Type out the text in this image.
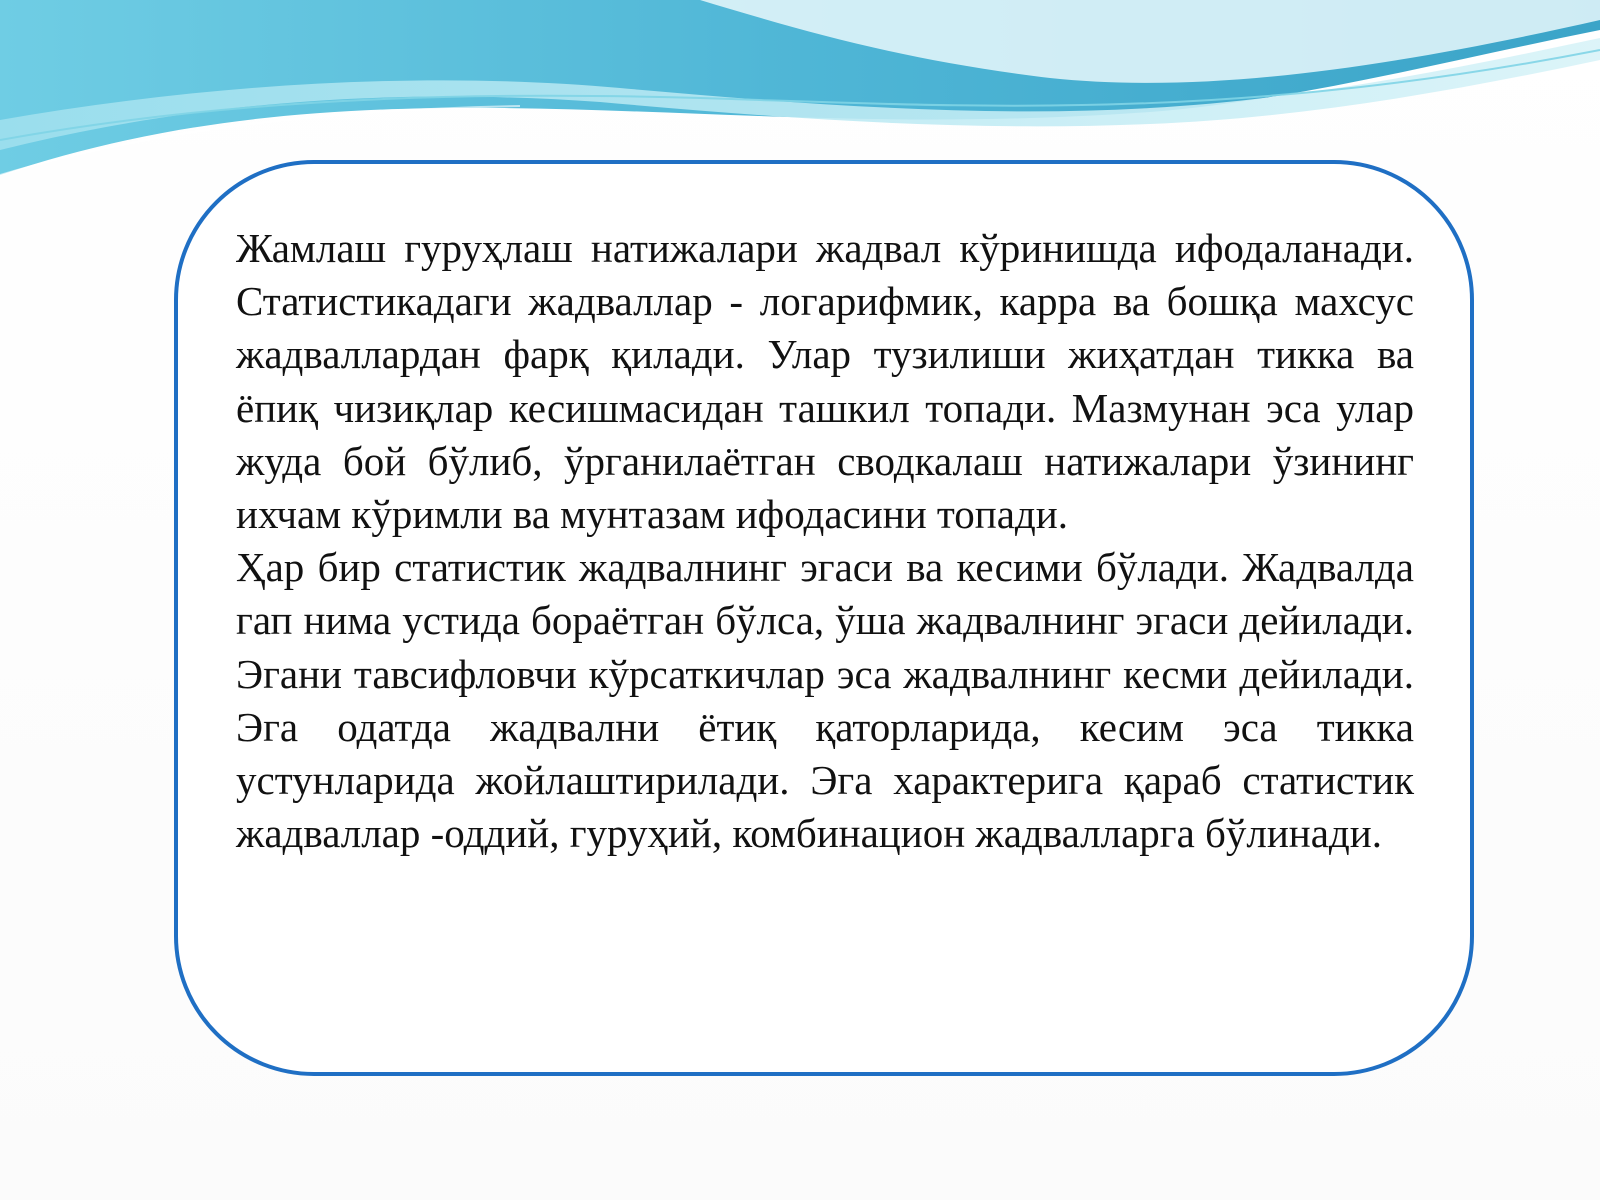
Жамлаш гуруҳлаш натижалари жадвал кўринишда ифодаланади. Статистикадаги жадваллар - логарифмик, карра ва бошқа махсус жадваллардан фарқ қилади. Улар тузилиши жиҳатдан тикка ва ёпиқ чизиқлар кесишмасидан ташкил топади. Мазмунан эса улар жуда бой бўлиб, ўрганилаётган сводкалаш натижалари ўзининг ихчам кўримли ва мунтазам ифодасини топади.

Ҳар бир статистик жадвалнинг эгаси ва кесими бўлади. Жадвалда гап нима устида бораётган бўлса, ўша жадвалнинг эгаси дейилади. Эгани тавсифловчи кўрсаткичлар эса жадвалнинг кесми дейилади. Эга одатда жадвални ётиқ қаторларида, кесим эса тикка устунларида жойлаштирилади. Эга характерига қараб статистик жадваллар -оддий, гуруҳий, комбинацион жадвалларга бўлинади.
